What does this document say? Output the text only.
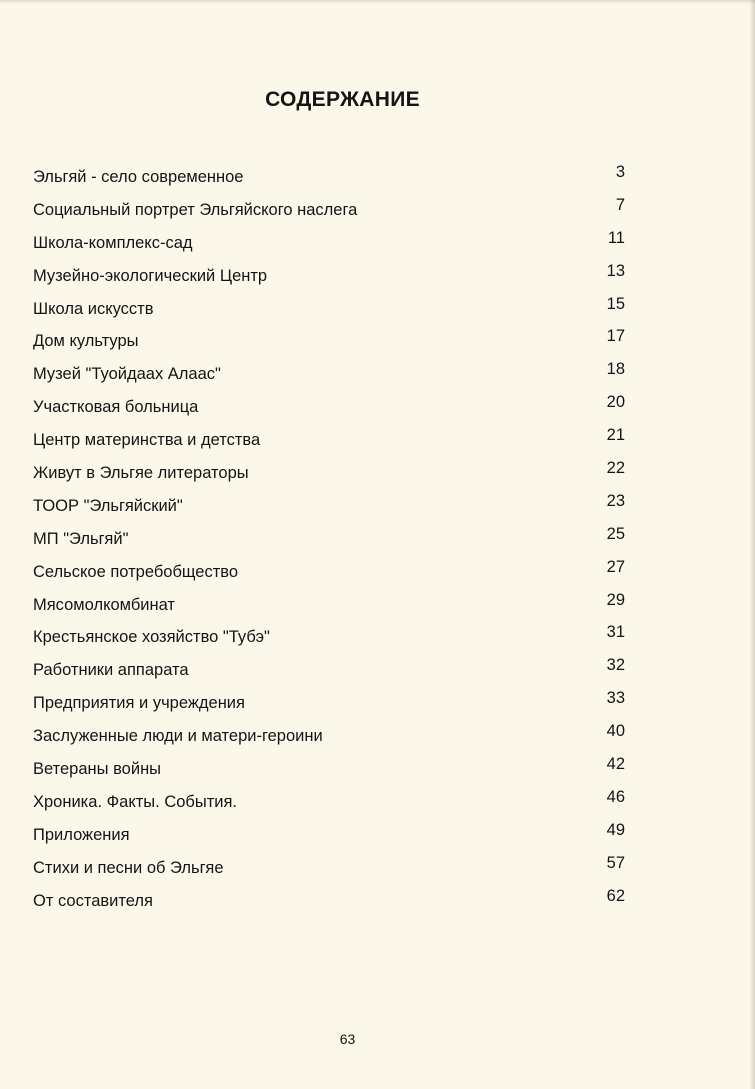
СОДЕРЖАНИЕ
Эльгяй - село современное	3
Социальный портрет Эльгяйского наслега	7
Школа-комплекс-сад	11
Музейно-экологический Центр	13
Школа искусств	15
Дом культуры	17
Музей "Туойдаах Алаас"	18
Участковая больница	20
Центр материнства и детства	21
Живут в Эльгяе литераторы	22
ТООР "Эльгяйский"	23
МП "Эльгяй"	25
Сельское потребобщество	27
Мясомолкомбинат	29
Крестьянское хозяйство "Тубэ"	31
Работники аппарата	32
Предприятия и учреждения	33
Заслуженные люди и матери-героини	40
Ветераны войны	42
Хроника. Факты. События.	46
Приложения	49
Стихи и песни об Эльгяе	57
От составителя	62
63
